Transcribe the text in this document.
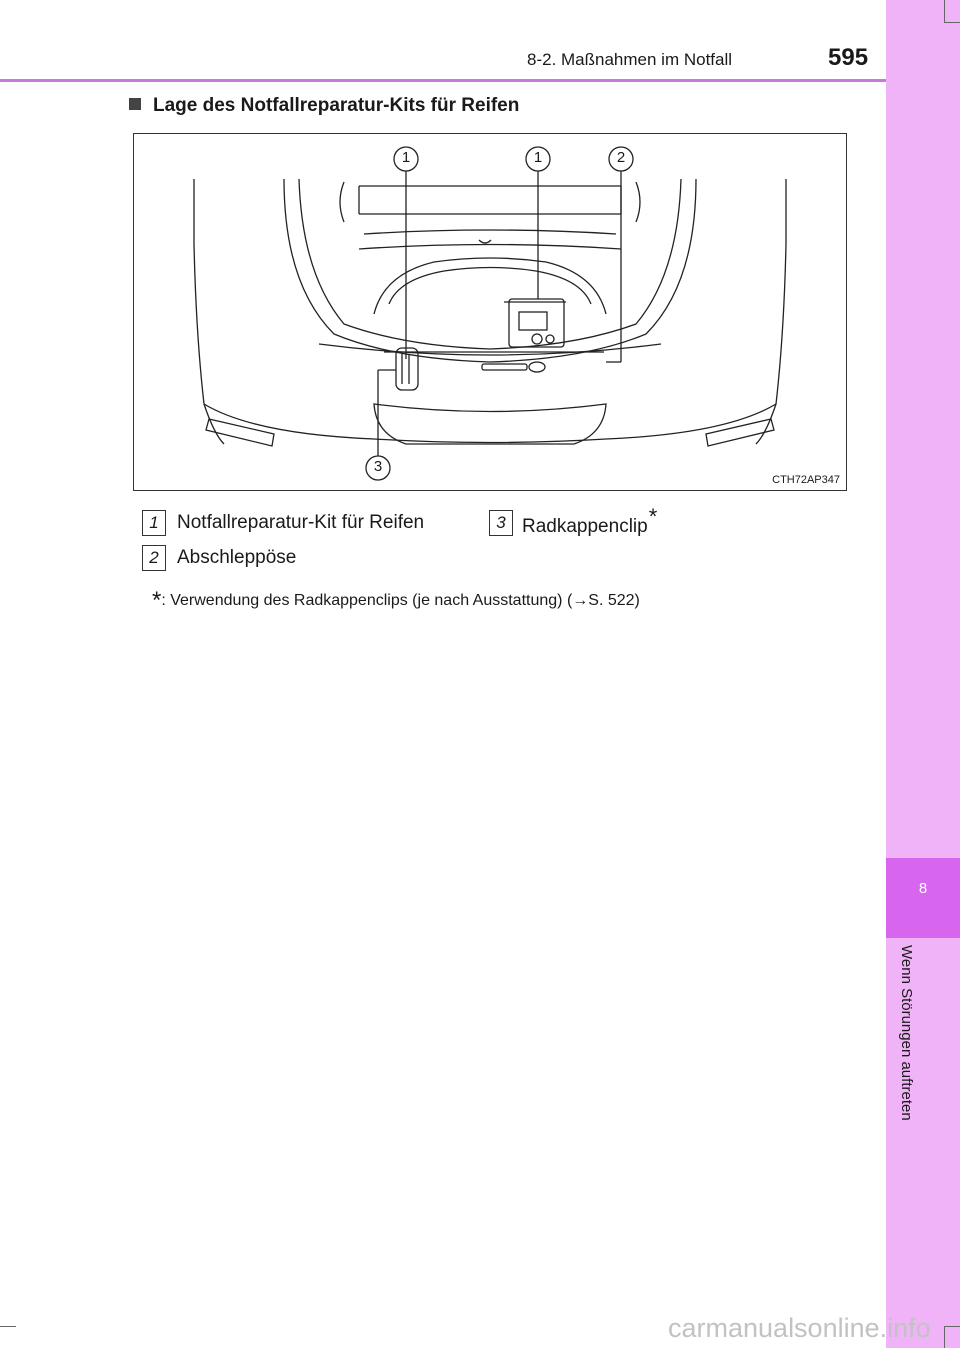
8-2. Maßnahmen im Notfall	595
8
Wenn Störungen auftreten
Lage des Notfallreparatur-Kits für Reifen
1	1	2
3
CTH72AP347
1 Notfallreparatur-Kit für Reifen	3 Radkappenclip*
2 Abschleppöse
*: Verwendung des Radkappenclips (je nach Ausstattung) (→S. 522)
carmanualsonline.info
